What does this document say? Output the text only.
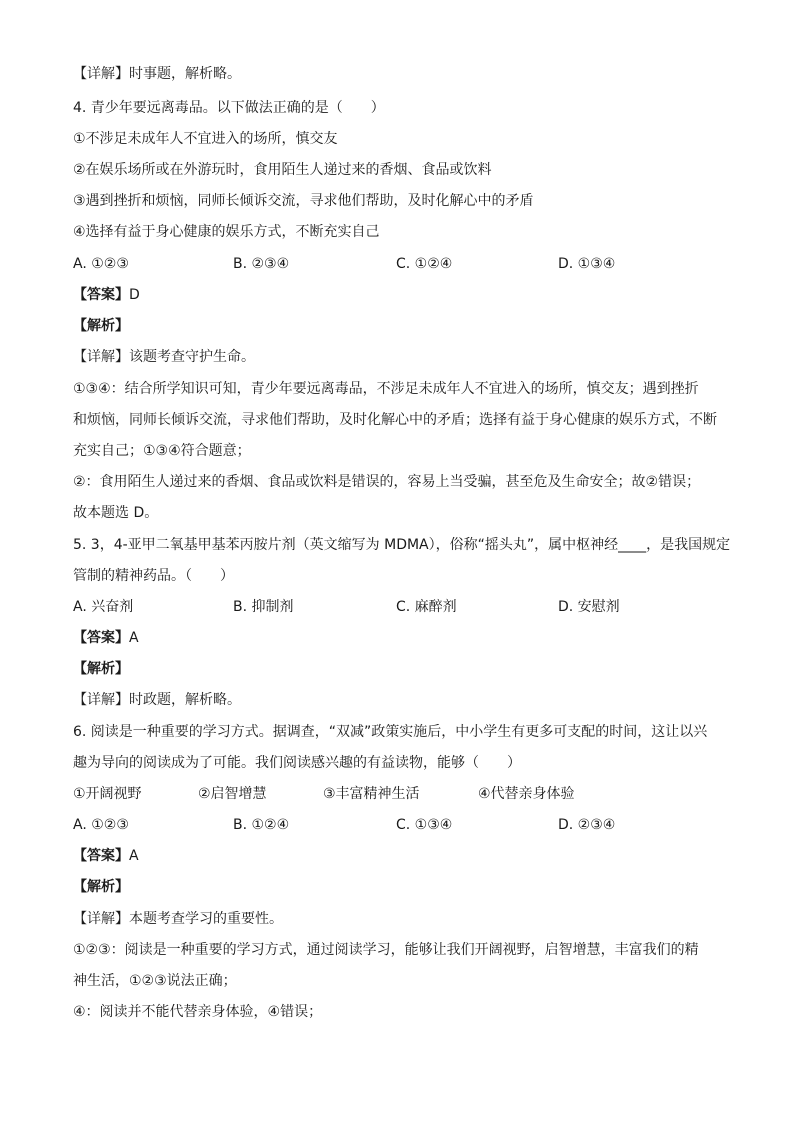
【详解】时事题，解析略。
4. 青少年要远离毒品。以下做法正确的是（　　）
①不涉足未成年人不宜进入的场所，慎交友
②在娱乐场所或在外游玩时，食用陌生人递过来的香烟、食品或饮料
③遇到挫折和烦恼，同师长倾诉交流，寻求他们帮助，及时化解心中的矛盾
④选择有益于身心健康的娱乐方式，不断充实自己
A. ①②③	B. ②③④	C. ①②④	D. ①③④
【答案】D
【解析】
【详解】该题考查守护生命。
①③④：结合所学知识可知，青少年要远离毒品，不涉足未成年人不宜进入的场所，慎交友；遇到挫折
和烦恼，同师长倾诉交流，寻求他们帮助，及时化解心中的矛盾；选择有益于身心健康的娱乐方式，不断
充实自己；①③④符合题意；
②：食用陌生人递过来的香烟、食品或饮料是错误的，容易上当受骗，甚至危及生命安全；故②错误；
故本题选 D。
5. 3，4-亚甲二氧基甲基苯丙胺片剂（英文缩写为 MDMA），俗称“摇头丸”，属中枢神经____，是我国规定
管制的精神药品。（　　）
A. 兴奋剂	B. 抑制剂	C. 麻醉剂	D. 安慰剂
【答案】A
【解析】
【详解】时政题，解析略。
6. 阅读是一种重要的学习方式。据调查，“双减”政策实施后，中小学生有更多可支配的时间，这让以兴
趣为导向的阅读成为了可能。我们阅读感兴趣的有益读物，能够（　　）
①开阔视野	②启智增慧	③丰富精神生活	④代替亲身体验
A. ①②③	B. ①②④	C. ①③④	D. ②③④
【答案】A
【解析】
【详解】本题考查学习的重要性。
①②③：阅读是一种重要的学习方式，通过阅读学习，能够让我们开阔视野，启智增慧，丰富我们的精
神生活，①②③说法正确；
④：阅读并不能代替亲身体验，④错误；
